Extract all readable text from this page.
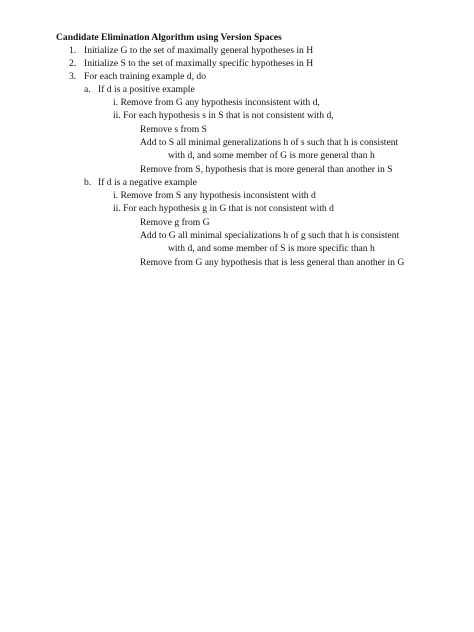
Candidate Elimination Algorithm using Version Spaces
1. Initialize G to the set of maximally general hypotheses in H
2. Initialize S to the set of maximally specific hypotheses in H
3. For each training example d, do
a. If d is a positive example
i. Remove from G any hypothesis inconsistent with d,
ii. For each hypothesis s in S that is not consistent with d,
Remove s from S
Add to S all minimal generalizations h of s such that h is consistent
with d, and some member of G is more general than h
Remove from S, hypothesis that is more general than another in S
b. If d is a negative example
i. Remove from S any hypothesis inconsistent with d
ii. For each hypothesis g in G that is not consistent with d
Remove g from G
Add to G all minimal specializations h of g such that h is consistent
with d, and some member of S is more specific than h
Remove from G any hypothesis that is less general than another in G
